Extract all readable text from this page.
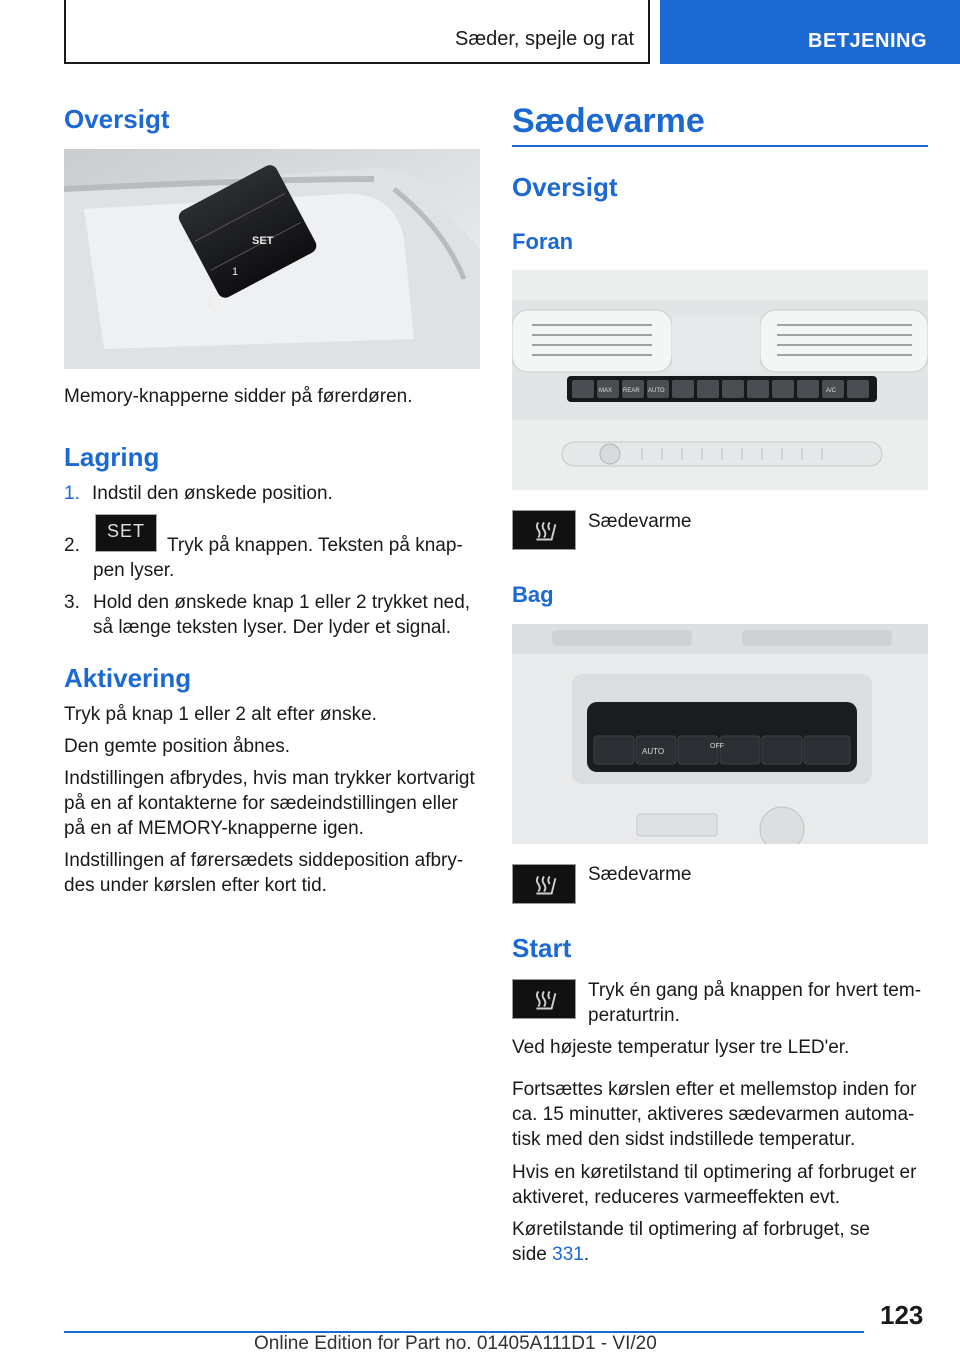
Sæder, spejle og rat	BETJENING
Oversigt
SET
1
2
Memory-knapperne sidder på førerdøren.
Lagring
1. Indstil den ønskede position.
2.
SET
Tryk på knappen. Teksten på knap-
pen lyser.
3. Hold den ønskede knap 1 eller 2 trykket ned,
så længe teksten lyser. Der lyder et signal.
Aktivering
Tryk på knap 1 eller 2 alt efter ønske.
Den gemte position åbnes.
Indstillingen afbrydes, hvis man trykker kortvarigt
på en af kontakterne for sædeindstillingen eller
på en af MEMORY-knapperne igen.
Indstillingen af førersædets siddeposition afbry-
des under kørslen efter kort tid.
Sædevarme
Oversigt
Foran
MAX REAR AUTO	A/C
Sædevarme
Bag
AUTO
OFF
Sædevarme
Start
Tryk én gang på knappen for hvert tem-
peraturtrin.
Ved højeste temperatur lyser tre LED'er.
Fortsættes kørslen efter et mellemstop inden for
ca. 15 minutter, aktiveres sædevarmen automa-
tisk med den sidst indstillede temperatur.
Hvis en køretilstand til optimering af forbruget er
aktiveret, reduceres varmeeffekten evt.
Køretilstande til optimering af forbruget, se
side 331.
123
Online Edition for Part no. 01405A111D1 - VI/20
